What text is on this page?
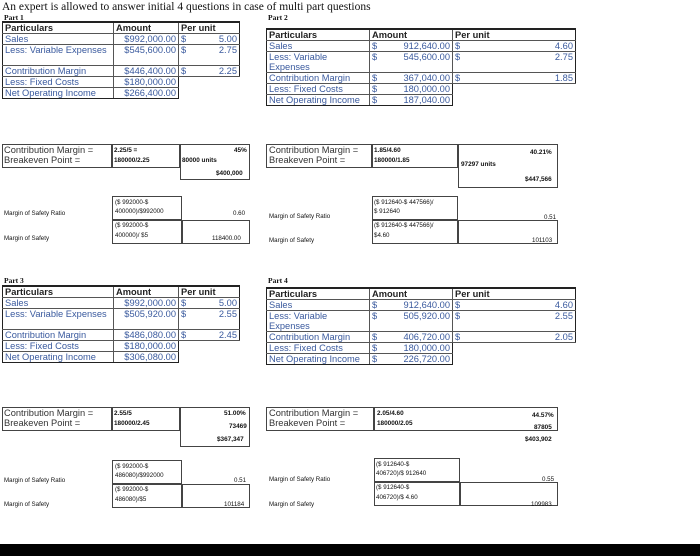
An expert is allowed to answer initial 4 questions in case of multi part questions
Part 1
Particulars	Amount	Per unit	
Sales	$992,000.00	$	5.00
Less: Variable Expenses	$545,600.00	$	2.75
Contribution Margin	$446,400.00	$	2.25
Less: Fixed Costs	$180,000.00		
Net Operating Income	$266,400.00		
Contribution Margin =
Breakeven Point =
2.25/5 =
180000/2.25
45%
80000 units
$400,000
Margin of Safety Ratio
($ 992000-$
400000)/$992000	0.60
Margin of Safety
($ 992000-$
400000)/ $5	118400.00
Part 2
Particulars	Amount		Per unit	
Sales	$	912,640.00	$	4.60
Less: Variable Expenses	$	545,600.00	$	2.75
Contribution Margin	$	367,040.00	$	1.85
Less: Fixed Costs	$	180,000.00		
Net Operating Income	$	187,040.00		
Contribution Margin =
Breakeven Point =
1.85/4.60
180000/1.85
40.21%
97297 units
$447,566
Margin of Safety Ratio
($ 912640-$ 447566)/
$ 912640
0.51
Margin of Safety
($ 912640-$ 447566)/
$4.60
101103
Part 3
Particulars	Amount	Per unit	
Sales	$992,000.00	$	5.00
Less: Variable Expenses	$505,920.00	$	2.55
Contribution Margin	$486,080.00	$	2.45
Less: Fixed Costs	$180,000.00		
Net Operating Income	$306,080.00		
Contribution Margin =
Breakeven Point =
2.55/5
180000/2.45
51.00%
73469
$367,347
Margin of Safety Ratio
($ 992000-$
486080)/$992000
0.51
Margin of Safety
($ 992000-$
486080)/$5
101184
Part 4
Particulars	Amount		Per unit	
Sales	$	912,640.00	$	4.60
Less: Variable Expenses	$	505,920.00	$	2.55
Contribution Margin	$	406,720.00	$	2.05
Less: Fixed Costs	$	180,000.00		
Net Operating Income	$	226,720.00		
Contribution Margin =
Breakeven Point =
2.05/4.60
180000/2.05
44.57%
87805
$403,902
Margin of Safety Ratio
($ 912640-$
406720)/$ 912640
0.55
Margin of Safety
($ 912640-$
406720)/$ 4.60
109983
